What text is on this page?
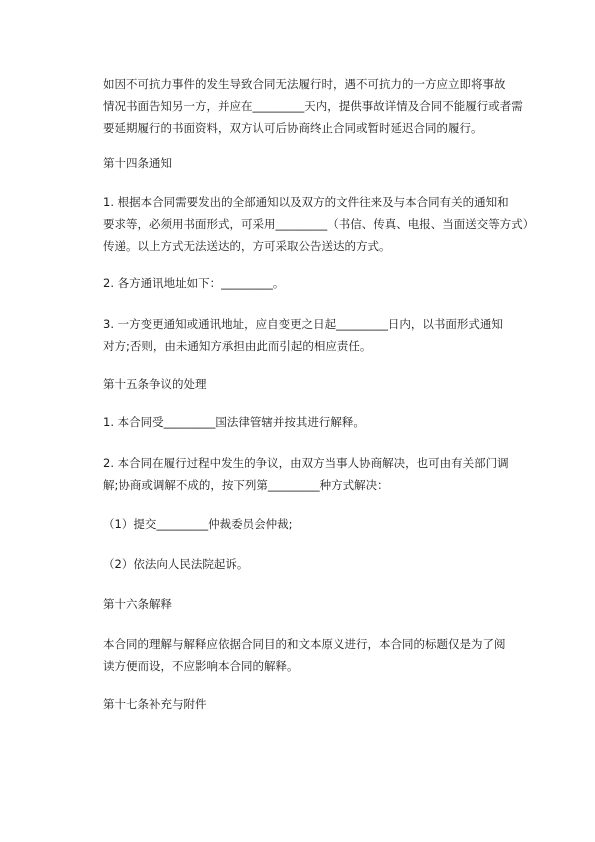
如因不可抗力事件的发生导致合同无法履行时，遇不可抗力的一方应立即将事故
情况书面告知另一方，并应在_________天内，提供事故详情及合同不能履行或者需
要延期履行的书面资料，双方认可后协商终止合同或暂时延迟合同的履行。
第十四条通知
1. 根据本合同需要发出的全部通知以及双方的文件往来及与本合同有关的通知和
要求等，必须用书面形式，可采用_________（书信、传真、电报、当面送交等方式）
传递。以上方式无法送达的，方可采取公告送达的方式。
2. 各方通讯地址如下：_________。
3. 一方变更通知或通讯地址，应自变更之日起_________日内，以书面形式通知
对方;否则，由未通知方承担由此而引起的相应责任。
第十五条争议的处理
1. 本合同受_________国法律管辖并按其进行解释。
2. 本合同在履行过程中发生的争议，由双方当事人协商解决，也可由有关部门调
解;协商或调解不成的，按下列第_________种方式解决：
（1）提交_________仲裁委员会仲裁;
（2）依法向人民法院起诉。
第十六条解释
本合同的理解与解释应依据合同目的和文本原义进行，本合同的标题仅是为了阅
读方便而设，不应影响本合同的解释。
第十七条补充与附件
